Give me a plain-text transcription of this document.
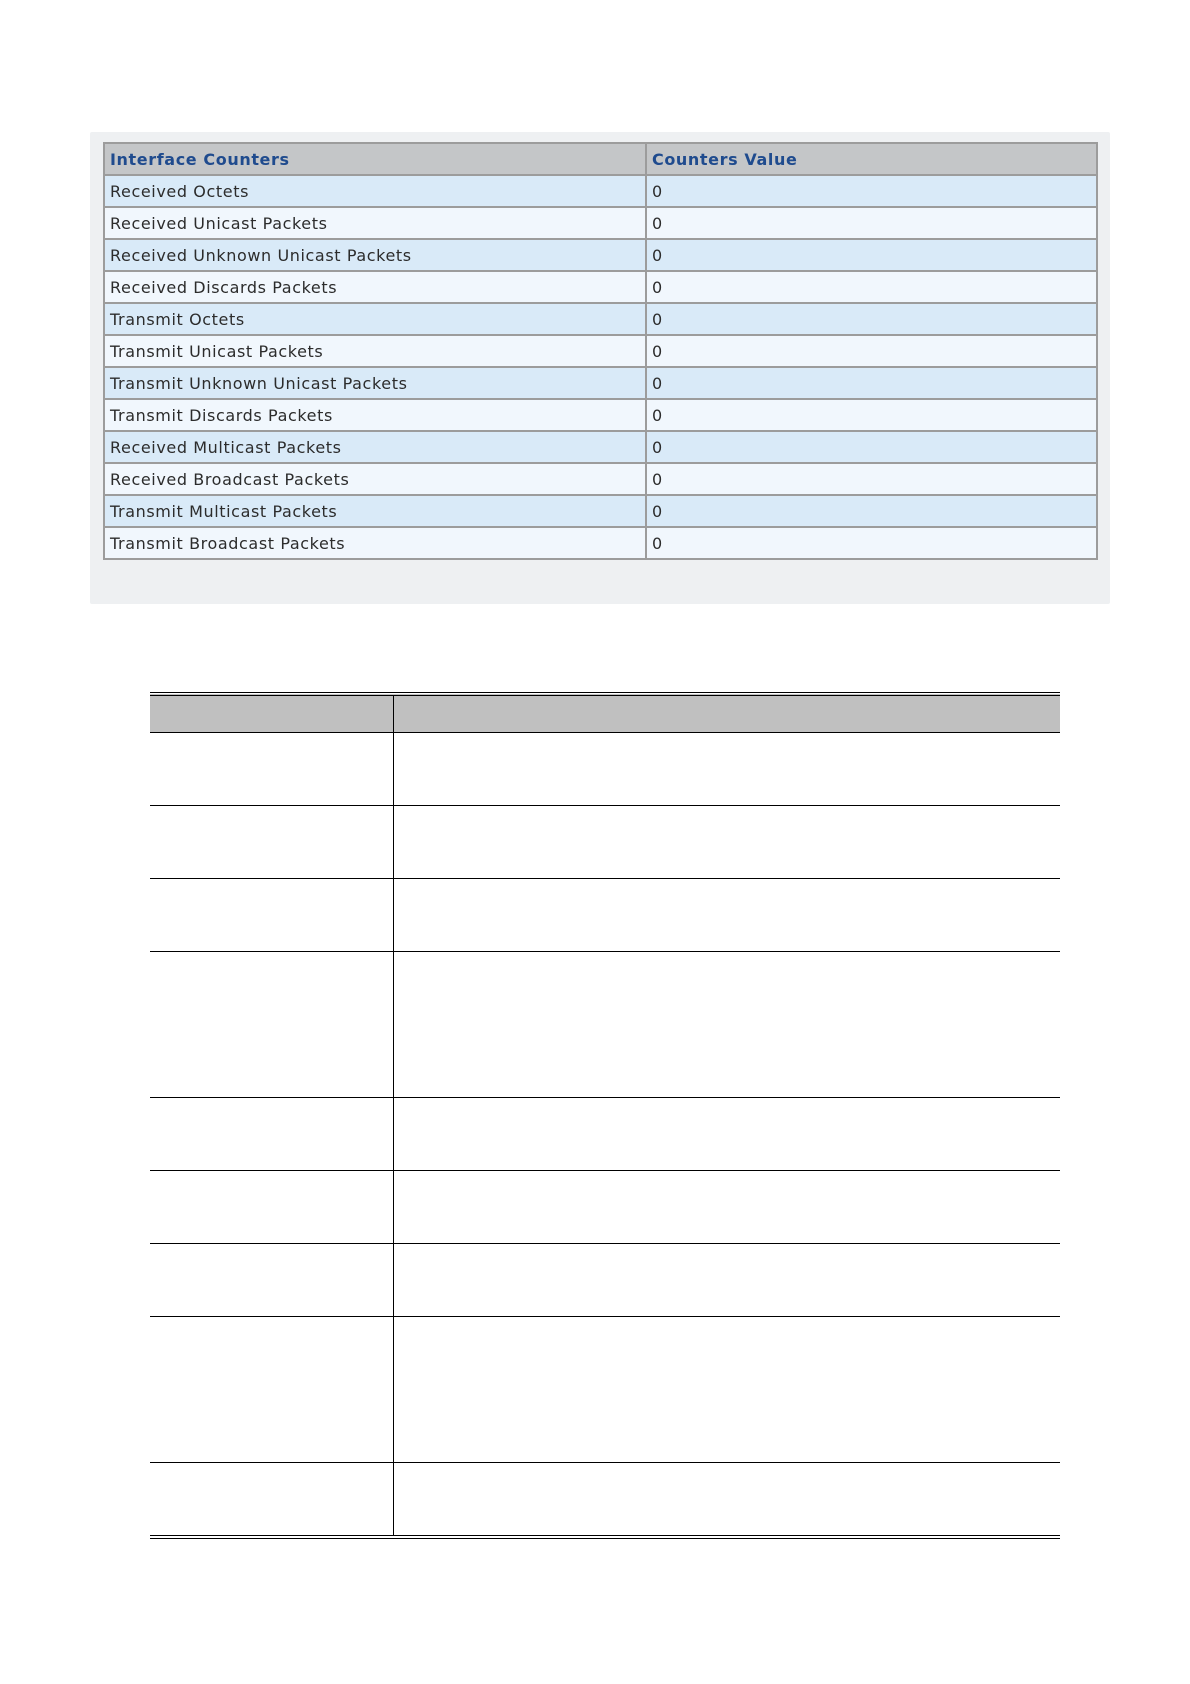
Interface Counters	Counters Value
Received Octets	0
Received Unicast Packets	0
Received Unknown Unicast Packets	0
Received Discards Packets	0
Transmit Octets	0
Transmit Unicast Packets	0
Transmit Unknown Unicast Packets	0
Transmit Discards Packets	0
Received Multicast Packets	0
Received Broadcast Packets	0
Transmit Multicast Packets	0
Transmit Broadcast Packets	0
